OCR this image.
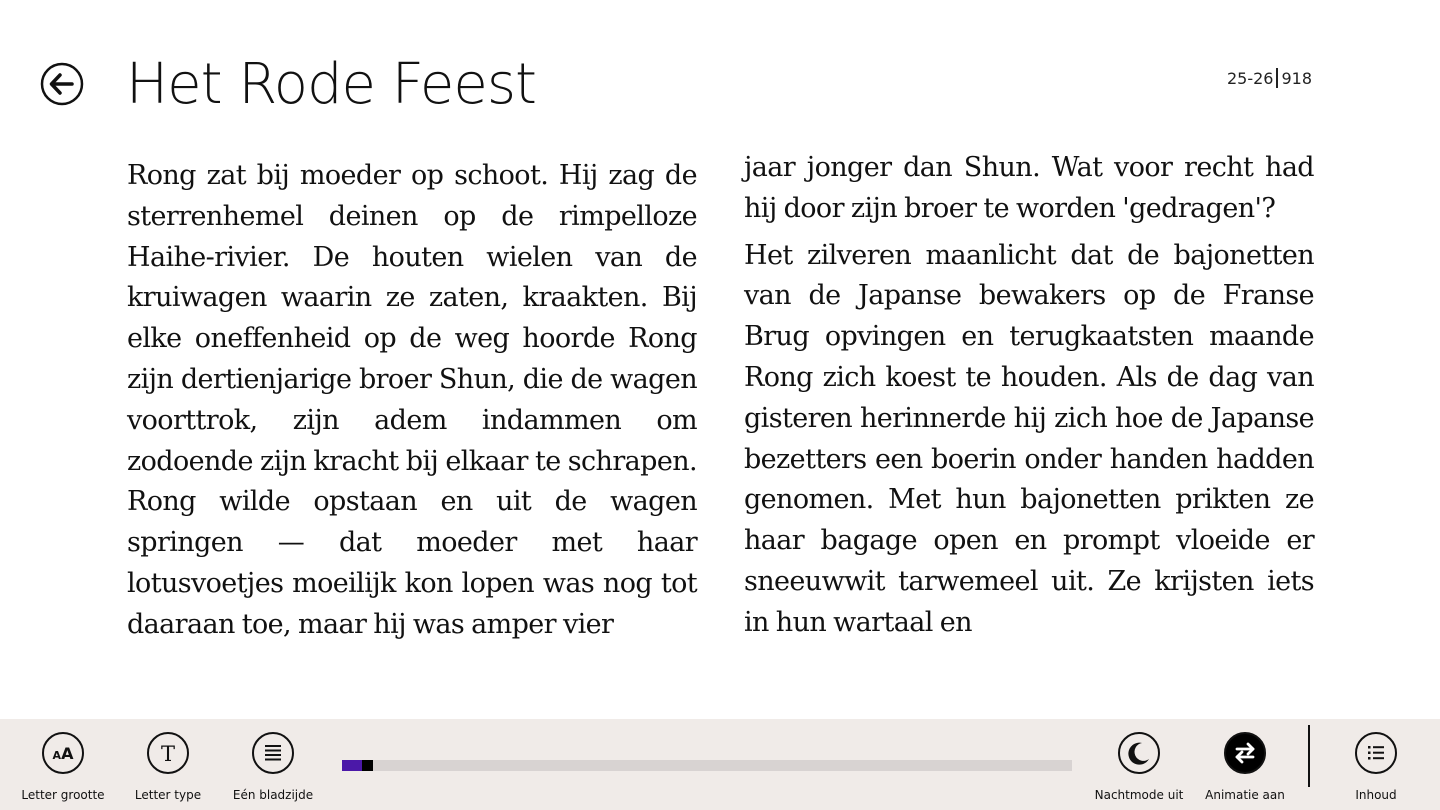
Het Rode Feest	25-26 918

Rong zat bij moeder op schoot. Hij zag de sterrenhemel deinen op de rimpelloze Haihe-rivier. De houten wielen van de kruiwagen waarin ze zaten, kraakten. Bij elke oneffenheid op de weg hoorde Rong zijn dertienjarige broer Shun, die de wagen voorttrok, zijn adem indammen om zodoende zijn kracht bij elkaar te schrapen. Rong wilde opstaan en uit de wagen springen — dat moeder met haar lotusvoetjes moeilijk kon lopen was nog tot daaraan toe, maar hij was amper vier

jaar jonger dan Shun. Wat voor recht had hij door zijn broer te worden 'gedragen'?

Het zilveren maanlicht dat de bajonetten van de Japanse bewakers op de Franse Brug opvingen en terugkaatsten maande Rong zich koest te houden. Als de dag van gisteren herinnerde hij zich hoe de Japanse bezetters een boerin onder handen hadden genomen. Met hun bajonetten prikten ze haar bagage open en prompt vloeide er sneeuwwit tarwemeel uit. Ze krijsten iets in hun wartaal en

AA
Letter grootte
T
Letter type	Eén bladzijde	Nachtmode uit	Animatie aan	Inhoud
